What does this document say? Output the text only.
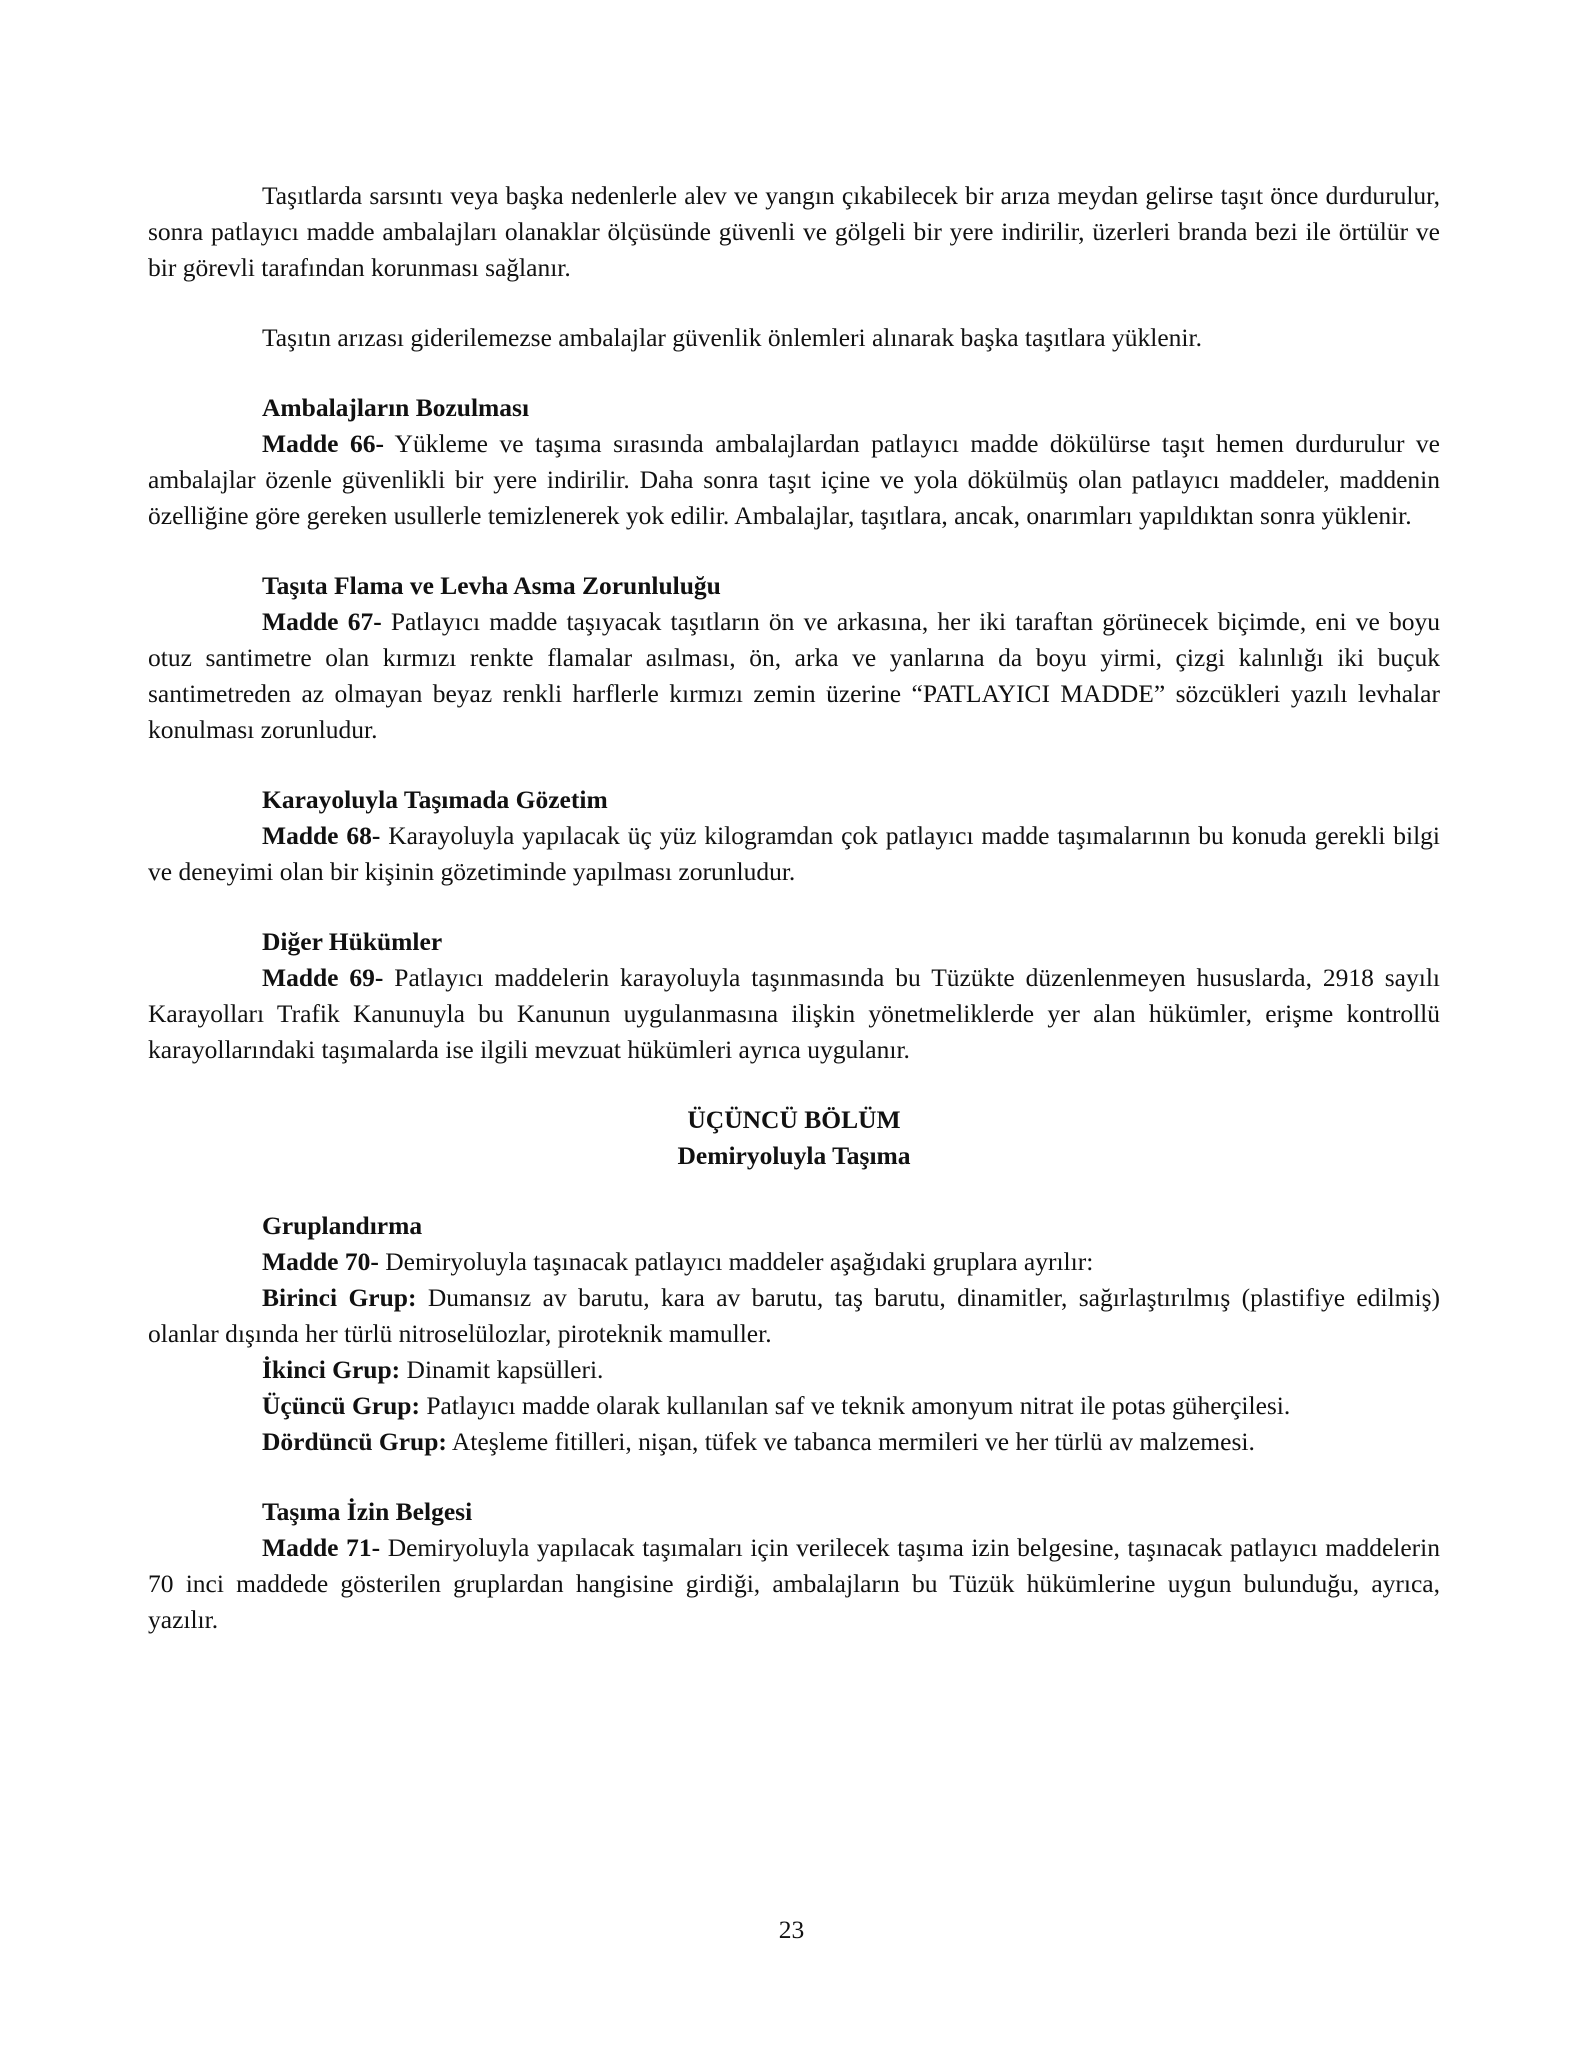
Taşıtlarda sarsıntı veya başka nedenlerle alev ve yangın çıkabilecek bir arıza meydan gelirse taşıt önce durdurulur, sonra patlayıcı madde ambalajları olanaklar ölçüsünde güvenli ve gölgeli bir yere indirilir, üzerleri branda bezi ile örtülür ve bir görevli tarafından korunması sağlanır.

Taşıtın arızası giderilemezse ambalajlar güvenlik önlemleri alınarak başka taşıtlara yüklenir.

Ambalajların Bozulması

Madde 66- Yükleme ve taşıma sırasında ambalajlardan patlayıcı madde dökülürse taşıt hemen durdurulur ve ambalajlar özenle güvenlikli bir yere indirilir. Daha sonra taşıt içine ve yola dökülmüş olan patlayıcı maddeler, maddenin özelliğine göre gereken usullerle temizlenerek yok edilir. Ambalajlar, taşıtlara, ancak, onarımları yapıldıktan sonra yüklenir.

Taşıta Flama ve Levha Asma Zorunluluğu

Madde 67- Patlayıcı madde taşıyacak taşıtların ön ve arkasına, her iki taraftan görünecek biçimde, eni ve boyu otuz santimetre olan kırmızı renkte flamalar asılması, ön, arka ve yanlarına da boyu yirmi, çizgi kalınlığı iki buçuk santimetreden az olmayan beyaz renkli harflerle kırmızı zemin üzerine “PATLAYICI MADDE” sözcükleri yazılı levhalar konulması zorunludur.

Karayoluyla Taşımada Gözetim

Madde 68- Karayoluyla yapılacak üç yüz kilogramdan çok patlayıcı madde taşımalarının bu konuda gerekli bilgi ve deneyimi olan bir kişinin gözetiminde yapılması zorunludur.

Diğer Hükümler

Madde 69- Patlayıcı maddelerin karayoluyla taşınmasında bu Tüzükte düzenlenmeyen hususlarda, 2918 sayılı Karayolları Trafik Kanunuyla bu Kanunun uygulanmasına ilişkin yönetmeliklerde yer alan hükümler, erişme kontrollü karayollarındaki taşımalarda ise ilgili mevzuat hükümleri ayrıca uygulanır.

ÜÇÜNCÜ BÖLÜM

Demiryoluyla Taşıma

Gruplandırma

Madde 70- Demiryoluyla taşınacak patlayıcı maddeler aşağıdaki gruplara ayrılır:

Birinci Grup: Dumansız av barutu, kara av barutu, taş barutu, dinamitler, sağırlaştırılmış (plastifiye edilmiş) olanlar dışında her türlü nitroselülozlar, piroteknik mamuller.

İkinci Grup: Dinamit kapsülleri.

Üçüncü Grup: Patlayıcı madde olarak kullanılan saf ve teknik amonyum nitrat ile potas güherçilesi.

Dördüncü Grup: Ateşleme fitilleri, nişan, tüfek ve tabanca mermileri ve her türlü av malzemesi.

Taşıma İzin Belgesi

Madde 71- Demiryoluyla yapılacak taşımaları için verilecek taşıma izin belgesine, taşınacak patlayıcı maddelerin 70 inci maddede gösterilen gruplardan hangisine girdiği, ambalajların bu Tüzük hükümlerine uygun bulunduğu, ayrıca, yazılır.

23
